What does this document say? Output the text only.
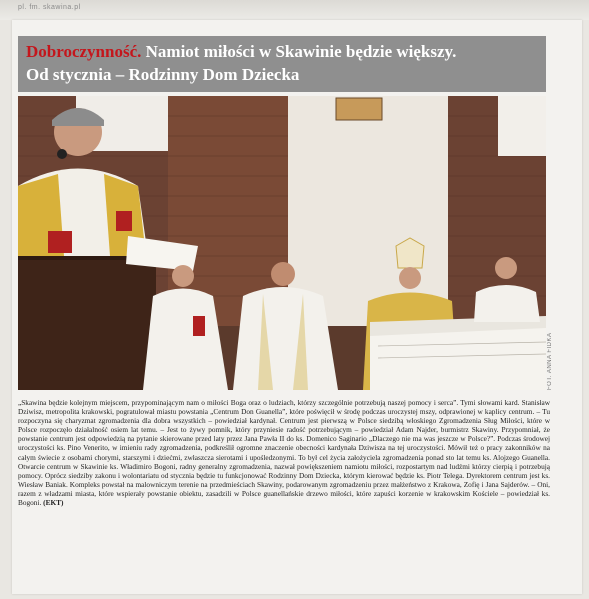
pl. fm. skawina.pl
Dobroczynność. Namiot miłości w Skawinie będzie większy.
Od stycznia – Rodzinny Dom Dziecka
FOT. ANNA FIDKA
„Skawina będzie kolejnym miejscem, przypominającym nam o miłości Boga oraz o ludziach, którzy szczególnie potrzebują naszej pomocy i serca”. Tymi słowami kard. Stanisław Dziwisz, metropolita krakowski, pogratulował miastu powstania „Centrum Don Guanella”, które poświęcił w środę podczas uroczystej mszy, odprawionej w kaplicy centrum. – Tu rozpoczyna się charyzmat zgromadzenia dla dobra wszystkich – powiedział kardynał. Centrum jest pierwszą w Polsce siedzibą włoskiego Zgromadzenia Sług Miłości, które w Polsce rozpoczęło działalność osiem lat temu. – Jest to żywy pomnik, który przyniesie radość potrzebującym – powiedział Adam Najder, burmistrz Skawiny. Przypomniał, że powstanie centrum jest odpowiedzią na pytanie skierowane przed laty przez Jana Pawła II do ks. Domenico Saginario „Dlaczego nie ma was jeszcze w Polsce?”. Podczas środowej uroczystości ks. Pino Venerito, w imieniu rady zgromadzenia, podkreślił ogromne znaczenie obecności kardynała Dziwisza na tej uroczystości. Mówił też o pracy zakonników na całym świecie z osobami chorymi, starszymi i dziećmi, zwłaszcza sierotami i upośledzonymi. To był cel życia założyciela zgromadzenia ponad sto lat temu ks. Alojzego Guanella. Otwarcie centrum w Skawinie ks. Władimiro Bogoni, radny generalny zgromadzenia, nazwał powiększeniem namiotu miłości, rozpostartym nad ludźmi którzy cierpią i potrzebują pomocy. Oprócz siedziby zakonu i wolontariatu od stycznia będzie tu funkcjonować Rodzinny Dom Dziecka, którym kierować będzie ks. Piotr Telega. Dyrektorem centrum jest ks. Wiesław Baniak. Kompleks powstał na malowniczym terenie na przedmieściach Skawiny, podarowanym zgromadzeniu przez małżeństwo z Krakowa, Zofię i Jana Sajderów. – Oni, razem z władzami miasta, które wspierały powstanie obiektu, zasadzili w Polsce guanellańskie drzewo miłości, które zapuści korzenie w krakowskim Kościele – powiedział ks. Bogoni. (EKT)
